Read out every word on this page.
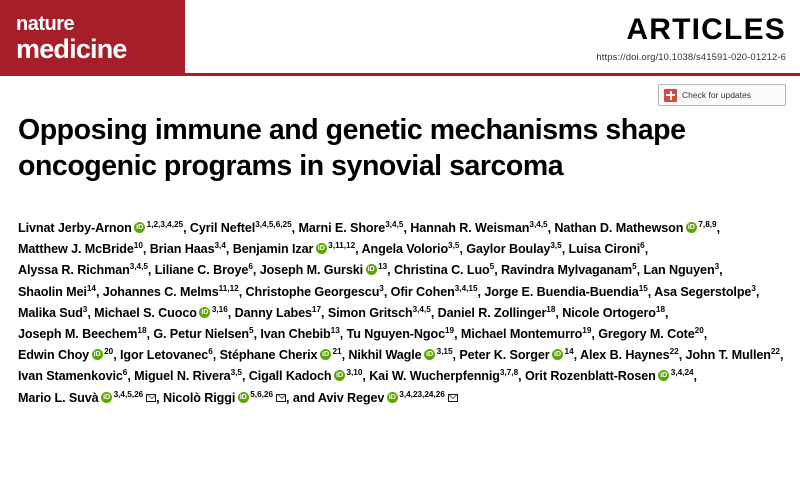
nature
medicine
ARTICLES
https://doi.org/10.1038/s41591-020-01212-6
Check for updates
Opposing immune and genetic mechanisms shape oncogenic programs in synovial sarcoma
Livnat Jerby-Arnon iD $^{1,2,3,4,25}$, Cyril Neftel$^{3,4,5,6,25}$, Marni E. Shore$^{3,4,5}$, Hannah R. Weisman$^{3,4,5}$, Nathan D. Mathewson iD $^{7,8,9}$, Matthew J. McBride$^{10}$, Brian Haas$^{3,4}$, Benjamin Izar iD $^{3,11,12}$, Angela Volorio$^{3,5}$, Gaylor Boulay$^{3,5}$, Luisa Cironi$^6$, Alyssa R. Richman$^{3,4,5}$, Liliane C. Broye$^6$, Joseph M. Gurski iD $^{13}$, Christina C. Luo$^5$, Ravindra Mylvaganam$^5$, Lan Nguyen$^3$, Shaolin Mei$^{14}$, Johannes C. Melms$^{11,12}$, Christophe Georgescu$^3$, Ofir Cohen$^{3,4,15}$, Jorge E. Buendia-Buendia$^{15}$, Asa Segerstolpe$^3$, Malika Sud$^3$, Michael S. Cuoco iD $^{3,16}$, Danny Labes$^{17}$, Simon Gritsch$^{3,4,5}$, Daniel R. Zollinger$^{18}$, Nicole Ortogero$^{18}$, Joseph M. Beechem$^{18}$, G. Petur Nielsen$^5$, Ivan Chebib$^{13}$, Tu Nguyen-Ngoc$^{19}$, Michael Montemurro$^{19}$, Gregory M. Cote$^{20}$, Edwin Choy iD $^{20}$, Igor Letovanec$^6$, Stéphane Cherix iD $^{21}$, Nikhil Wagle iD $^{3,15}$, Peter K. Sorger iD $^{14}$, Alex B. Haynes$^{22}$, John T. Mullen$^{22}$, Ivan Stamenkovic$^6$, Miguel N. Rivera$^{3,5}$, Cigall Kadoch iD $^{3,10}$, Kai W. Wucherpfennig$^{3,7,8}$, Orit Rozenblatt-Rosen iD $^{3,4,24}$, Mario L. Suvà iD $^{3,4,5,26}$ , Nicolò Riggi iD $^{5,6,26}$ , and Aviv Regev iD $^{3,4,23,24,26}$
